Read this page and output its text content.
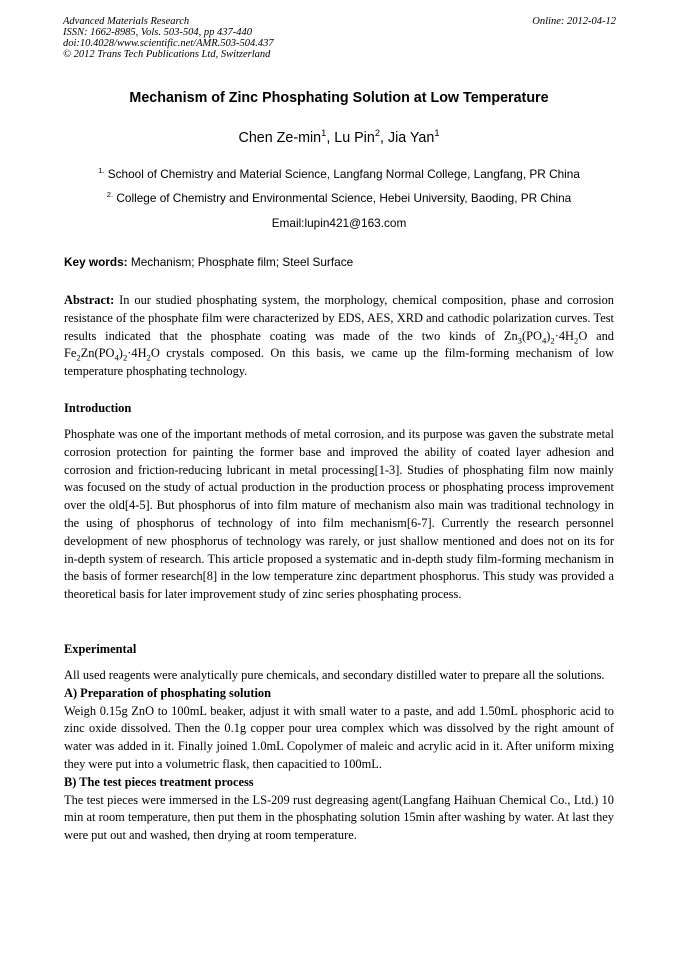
Advanced Materials Research
ISSN: 1662-8985, Vols. 503-504, pp 437-440
doi:10.4028/www.scientific.net/AMR.503-504.437
© 2012 Trans Tech Publications Ltd, Switzerland
Online: 2012-04-12
Mechanism of Zinc Phosphating Solution at Low Temperature
Chen $Ze-\min^1$, Lu Pin$^2$, Jia Yan$^1$
$^{1.}$ School of Chemistry and Material Science, Langfang Normal College, Langfang, PR China
$^{2.}$ College of Chemistry and Environmental Science, Hebei University, Baoding, PR China
Email:lupin421@163.com
Key words: Mechanism; Phosphate film; Steel Surface

Abstract: In our studied phosphating system, the morphology, chemical composition, phase and corrosion resistance of the phosphate film were characterized by EDS, AES, XRD and cathodic polarization curves. Test results indicated that the phosphate coating was made of the two kinds of $Zn_3(PO_4)_2\cdot 4H_2O$ and $Fe_2Zn(PO_4)_2\cdot 4H_2O$ crystals composed. On this basis, we came up the film-forming mechanism of low temperature phosphating technology.

Introduction

Phosphate was one of the important methods of metal corrosion, and its purpose was gaven the substrate metal corrosion protection for painting the former base and improved the ability of coated layer adhesion and corrosion and friction-reducing lubricant in metal processing[1-3]. Studies of phosphating film now mainly was focused on the study of actual production in the production process or phosphating process improvement over the old[4-5]. But phosphorus of into film mature of mechanism also main was traditional technology in the using of phosphorus of technology of into film mechanism[6-7]. Currently the research personnel development of new phosphorus of technology was rarely, or just shallow mentioned and does not on its for in-depth system of research. This article proposed a systematic and in-depth study film-forming mechanism in the basis of former research[8] in the low temperature zinc department phosphorus. This study was provided a theoretical basis for later improvement study of zinc series phosphating process.

Experimental

All used reagents were analytically pure chemicals, and secondary distilled water to prepare all the solutions.

A) Preparation of phosphating solution

Weigh 0.15g ZnO to 100mL beaker, adjust it with small water to a paste, and add 1.50mL phosphoric acid to zinc oxide dissolved. Then the 0.1g copper pour urea complex which was dissolved by the right amount of water was added in it. Finally joined 1.0mL Copolymer of maleic and acrylic acid in it. After uniform mixing they were put into a volumetric flask, then capacitied to 100mL.

B) The test pieces treatment process

The test pieces were immersed in the LS-209 rust degreasing agent(Langfang Haihuan Chemical Co., Ltd.) 10 min at room temperature, then put them in the phosphating solution 15min after washing by water. At last they were put out and washed, then drying at room temperature.
